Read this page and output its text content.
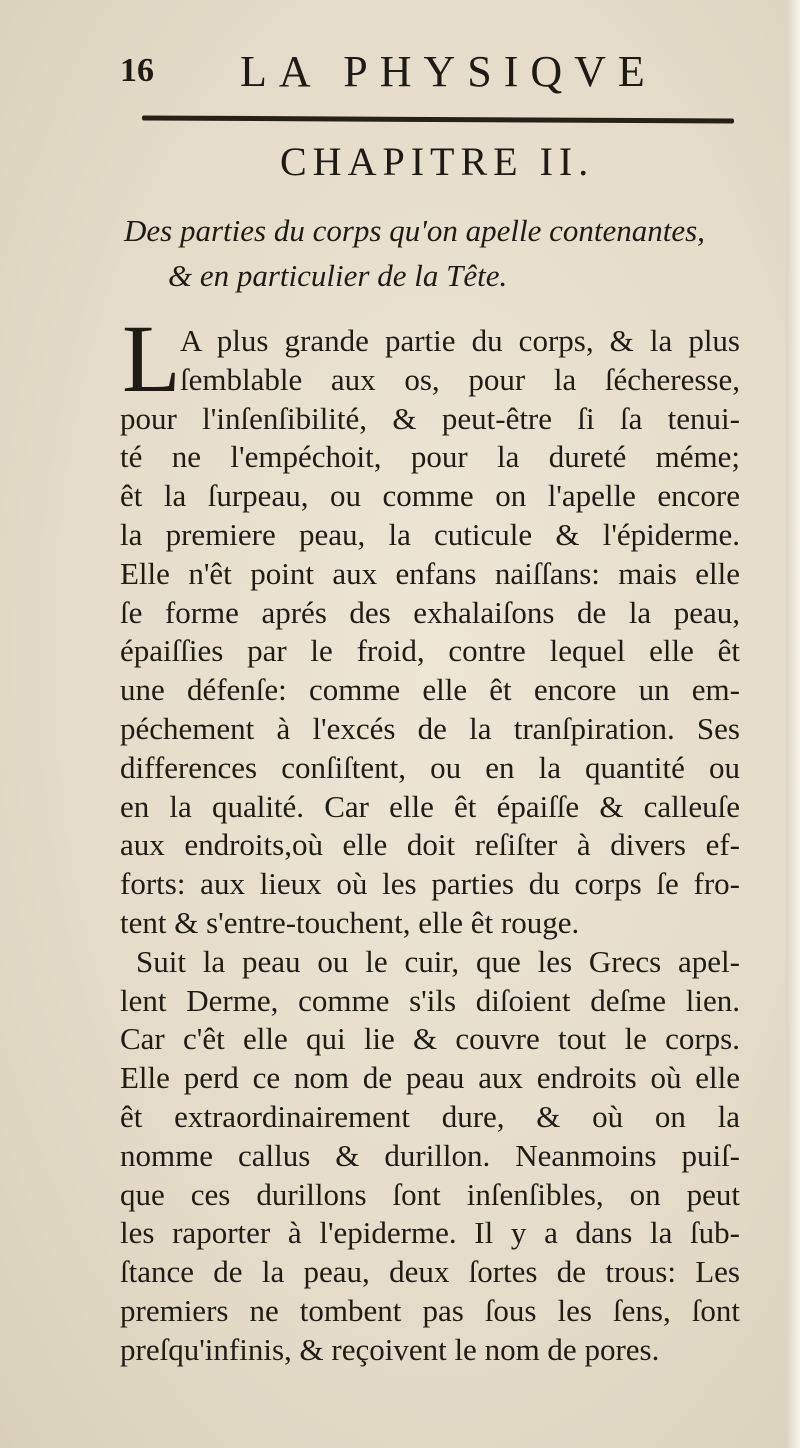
16 LA PHYSIQVE
CHAPITRE II.
Des parties du corps qu'on apelle contenantes,
& en particulier de la Tête.
L A plus grande partie du corps, & la plus
ſemblable aux os, pour la ſécheresse,
pour l'inſenſibilité, & peut-être ſi ſa tenui-
té ne l'empéchoit, pour la dureté méme;
êt la ſurpeau, ou comme on l'apelle encore
la premiere peau, la cuticule & l'épiderme.
Elle n'êt point aux enfans naiſſans: mais elle
ſe forme aprés des exhalaiſons de la peau,
épaiſſies par le froid, contre lequel elle êt
une défenſe: comme elle êt encore un em-
péchement à l'excés de la tranſpiration. Ses
differences conſiſtent, ou en la quantité ou
en la qualité. Car elle êt épaiſſe & calleuſe
aux endroits,où elle doit reſiſter à divers ef-
forts: aux lieux où les parties du corps ſe fro-
tent & s'entre-touchent, elle êt rouge.
Suit la peau ou le cuir, que les Grecs apel-
lent Derme, comme s'ils diſoient deſme lien.
Car c'êt elle qui lie & couvre tout le corps.
Elle perd ce nom de peau aux endroits où elle
êt extraordinairement dure, & où on la
nomme callus & durillon. Neanmoins puiſ-
que ces durillons ſont inſenſibles, on peut
les raporter à l'epiderme. Il y a dans la ſub-
ſtance de la peau, deux ſortes de trous: Les
premiers ne tombent pas ſous les ſens, ſont
preſqu'infinis, & reçoivent le nom de pores.
